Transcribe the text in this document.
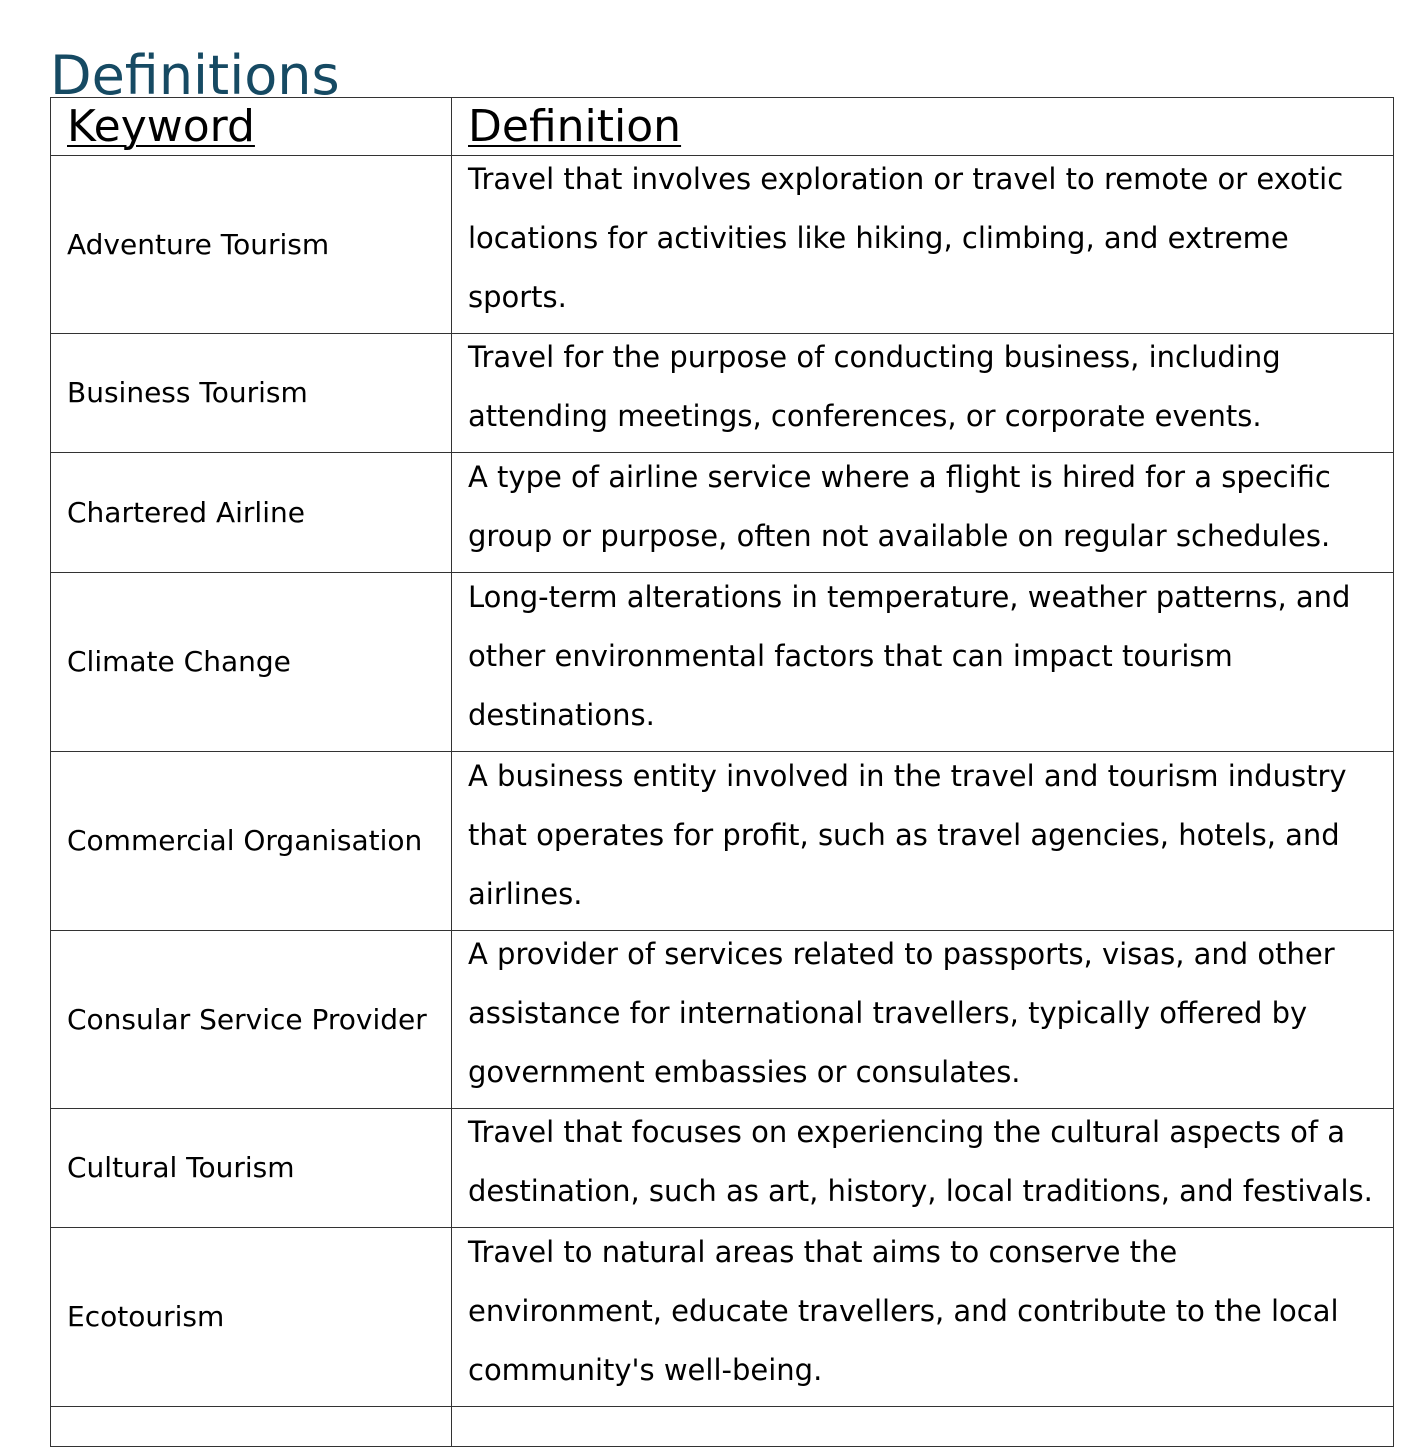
Definitions
Keyword	Definition
Adventure Tourism	Travel that involves exploration or travel to remote or exotic locations for activities like hiking, climbing, and extreme sports.

Business Tourism	Travel for the purpose of conducting business, including attending meetings, conferences, or corporate events.

Chartered Airline	A type of airline service where a flight is hired for a specific group or purpose, often not available on regular schedules.

Climate Change	Long-term alterations in temperature, weather patterns, and other environmental factors that can impact tourism destinations.

Commercial Organisation	A business entity involved in the travel and tourism industry that operates for profit, such as travel agencies, hotels, and airlines.

Consular Service Provider	A provider of services related to passports, visas, and other assistance for international travellers, typically offered by government embassies or consulates.

Cultural Tourism	Travel that focuses on experiencing the cultural aspects of a destination, such as art, history, local traditions, and festivals.

Ecotourism	Travel to natural areas that aims to conserve the environment, educate travellers, and contribute to the local community's well-being.
